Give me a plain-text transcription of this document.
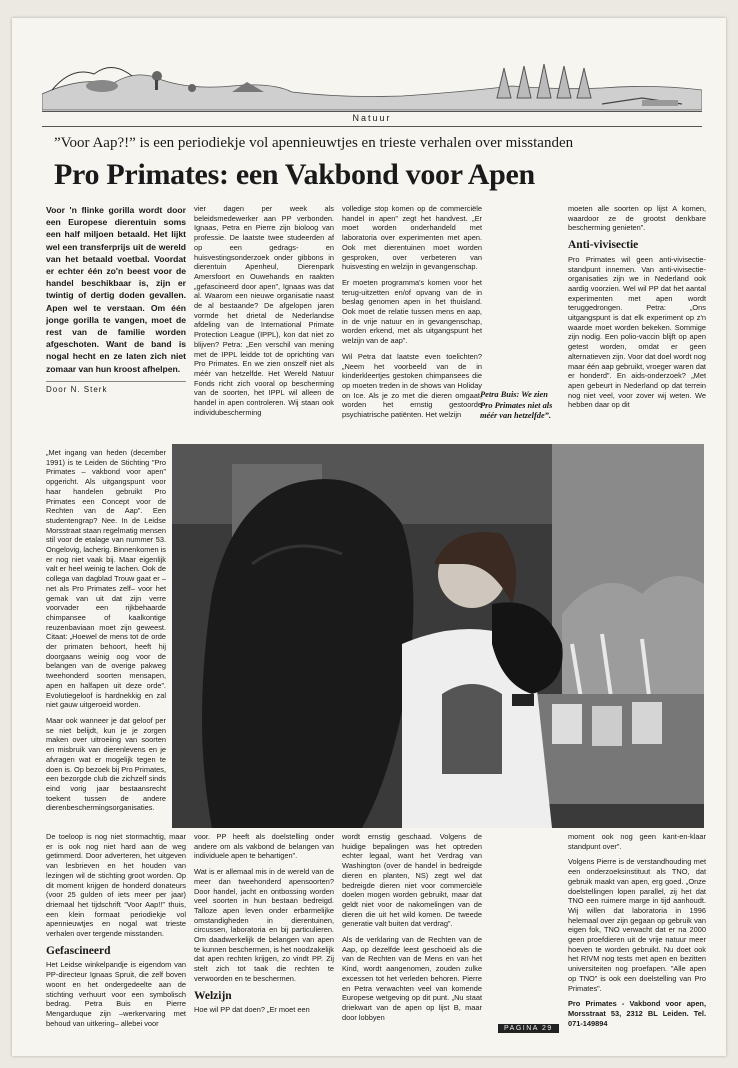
Natuur
”Voor Aap?!” is een periodiekje vol apennieuwtjes en trieste verhalen over misstanden
Pro Primates: een Vakbond voor Apen

Voor 'n flinke gorilla wordt door een Europese dierentuin soms een half miljoen betaald. Het lijkt wel een transferprijs uit de wereld van het betaald voetbal. Voordat er echter één zo'n beest voor de handel beschikbaar is, zijn er twintig of dertig doden gevallen. Apen wel te verstaan. Om één jonge gorilla te vangen, moet de rest van de familie worden afgeschoten. Want de band is nogal hecht en ze laten zich niet zomaar van hun kroost afhelpen.

Door N. Sterk

vier dagen per week als beleidsmedewerker aan PP verbonden. Ignaas, Petra en Pierre zijn bioloog van professie. De laatste twee studeerden af op een gedrags- en huisvestingsonderzoek onder gibbons in dierentuin Apenheul, Dierenpark Amersfoort en Ouwehands en raakten „gefascineerd door apen”, Ignaas was dat al. Waarom een nieuwe organisatie naast de al bestaande? De afgelopen jaren vormde het drietal de Nederlandse afdeling van de International Primate Protection League (IPPL), kon dat niet zo blijven? Petra: „Een verschil van mening met de IPPL leidde tot de oprichting van Pro Primates. En we zien onszelf niet als méér van hetzelfde. Het Wereld Natuur Fonds richt zich vooral op bescherming van de soorten, het IPPL wil alleen de handel in apen controleren. Wij staan ook individubescherming

volledige stop komen op de commerciële handel in apen” zegt het handvest. „Er moet worden onderhandeld met laboratoria over experimenten met apen. Ook met dierentuinen moet worden gesproken, over verbeteren van huisvesting en welzijn in gevangenschap.

Er moeten programma's komen voor het terug-uitzetten en/of opvang van de in beslag genomen apen in het thuisland. Ook moet de relatie tussen mens en aap, in de vrije natuur en in gevangenschap, worden erkend, met als uitgangspunt het welzijn van de aap”.

Wil Petra dat laatste even toelichten? „Neem het voorbeeld van de in kinderkleertjes gestoken chimpansees die op moeten treden in de shows van Holiday on Ice. Als je zo met die dieren omgaat, worden het ernstig gestoorde psychiatrische patiënten. Het welzijn

Petra Buis: We zien Pro Primates niet als méér van hetzelfde”.

moeten alle soorten op lijst A komen, waardoor ze de grootst denkbare bescherming genieten”.

Anti-vivisectie

Pro Primates wil geen anti-vivisectie-standpunt innemen. Van anti-vivisectie-organisaties zijn we in Nederland ook aardig voorzien. Wel wil PP dat het aantal experimenten met apen wordt teruggedrongen. Petra: „Ons uitgangspunt is dat elk experiment op z'n waarde moet worden bekeken. Sommige zijn nodig. Een polio-vaccin blijft op apen getest worden, omdat er geen alternatieven zijn. Voor dat doel wordt nog maar één aap gebruikt, vroeger waren dat er honderd”. En aids-onderzoek? „Met apen gebeurt in Nederland op dat terrein nog niet veel, voor zover wij weten. We hebben daar op dit

„Met ingang van heden (december 1991) is te Leiden de Stichting ”Pro Primates – vakbond voor apen” opgericht. Als uitgangspunt voor haar handelen gebruikt Pro Primates een Concept voor de Rechten van de Aap”. Een studentengrap? Nee. In de Leidse Morsstraat staan regelmatig mensen stil voor de etalage van nummer 53. Ongelovig, lacherig. Binnenkomen is er nog niet vaak bij. Maar eigenlijk valt er heel weinig te lachen. Ook de collega van dagblad Trouw gaat er –net als Pro Primates zelf– voor het gemak van uit dat zijn verre voorvader een rijkbehaarde chimpansee of kaalkontige reuzenbaviaan moet zijn geweest. Citaat: „Hoewel de mens tot de orde der primaten behoort, heeft hij doorgaans weinig oog voor de belangen van de overige pakweg tweehonderd soorten mensapen, apen en halfapen uit deze orde”. Evolutiegeloof is hardnekkig en zal niet gauw uitgeroeid worden.

Maar ook wanneer je dat geloof per se niet belijdt, kun je je zorgen maken over uitroeiing van soorten en misbruik van dierenlevens en je afvragen wat er mogelijk tegen te doen is. Op bezoek bij Pro Primates, een bezorgde club die zichzelf sinds eind vorig jaar bestaansrecht toekent tussen de andere dierenbeschermingsorganisaties.

De toeloop is nog niet stormachtig, maar er is ook nog niet hard aan de weg getimmerd. Door adverteren, het uitgeven van lesbrieven en het houden van lezingen wil de stichting groot worden. Op dit moment krijgen de honderd donateurs (voor 25 gulden of iets meer per jaar) driemaal het tijdschrift ”Voor Aap!!” thuis, een klein formaat periodiekje vol apennieuwtjes en nogal wat trieste verhalen over tergende misstanden.

Gefascineerd

Het Leidse winkelpandje is eigendom van PP-directeur Ignaas Spruit, die zelf boven woont en het ondergedeelte aan de stichting verhuurt voor een symbolisch bedrag. Petra Buis en Pierre Mengarduque zijn –werkervaring met behoud van uitkering– allebei voor

voor. PP heeft als doelstelling onder andere om als vakbond de belangen van individuele apen te behartigen”.

Wat is er allemaal mis in de wereld van de meer dan tweehonderd apensoorten? Door handel, jacht en ontbossing worden veel soorten in hun bestaan bedreigd. Talloze apen leven onder erbarmelijke omstandigheden in dierentuinen, circussen, laboratoria en bij particulieren. Om daadwerkelijk de belangen van apen te kunnen beschermen, is het noodzakelijk dat apen rechten krijgen, zo vindt PP. Zij stelt zich tot taak die rechten te verwoorden en te beschermen.

Welzijn

Hoe wil PP dat doen? „Er moet een

wordt ernstig geschaad. Volgens de huidige bepalingen was het optreden echter legaal, want het Verdrag van Washington (over de handel in bedreigde dieren en planten, NS) zegt wel dat bedreigde dieren niet voor commerciële doelen mogen worden gebruikt, maar dat geldt niet voor de nakomelingen van de dieren die uit het wild komen. De tweede generatie valt buiten dat verdrag”.

Als de verklaring van de Rechten van de Aap, op dezelfde leest geschoeid als die van de Rechten van de Mens en van het Kind, wordt aangenomen, zouden zulke excessen tot het verleden behoren. Pierre en Petra verwachten veel van komende Europese wetgeving op dit punt. „Nu staat driekwart van de apen op lijst B, maar door lobbyen

moment ook nog geen kant-en-klaar standpunt over”.

Volgens Pierre is de verstandhouding met een onderzoeksinstituut als TNO, dat gebruik maakt van apen, erg goed. „Onze doelstellingen lopen parallel, zij het dat TNO een ruimere marge in tijd aanhoudt. Wij willen dat laboratoria in 1996 helemaal over zijn gegaan op gebruik van eigen fok, TNO verwacht dat er na 2000 geen proefdieren uit de vrije natuur meer hoeven te worden gebruikt. Nu doet ook het RIVM nog tests met apen en bezitten universiteiten nog proefapen. ”Alle apen op TNO” is ook een doelstelling van Pro Primates”.

Pro Primates - Vakbond voor apen, Morsstraat 53, 2312 BL Leiden. Tel. 071-149894

PAGINA 29
